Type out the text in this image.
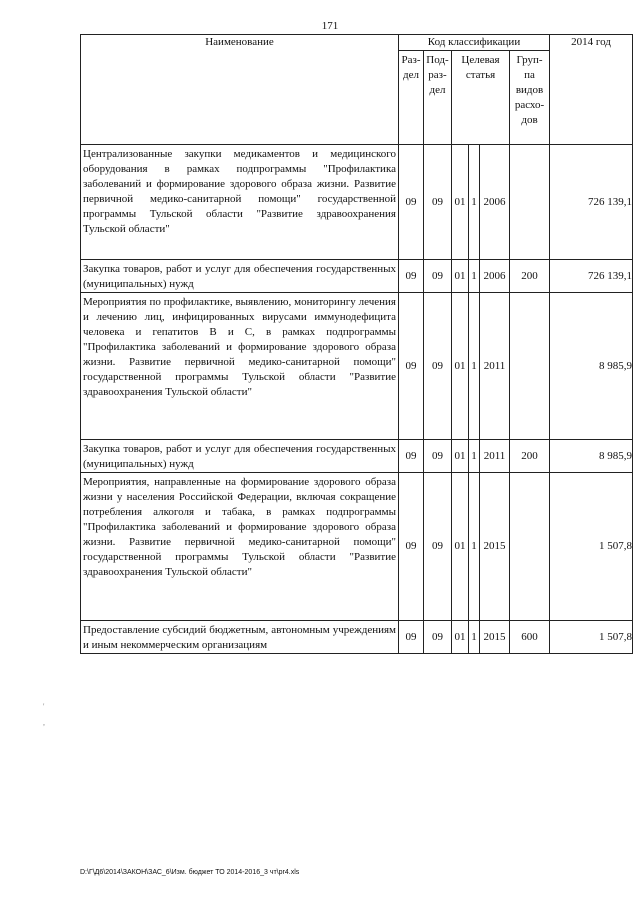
171
Наименование	Код классификации						2014 год
	Раз- дел	Под- раз- дел	Целевая статья			Груп- па видов расхо- дов	
Централизованные закупки медикаментов и медицинского оборудования в рамках подпрограммы "Профилактика заболеваний и формирование здорового образа жизни. Развитие первичной медико-санитарной помощи" государственной программы Тульской области "Развитие здравоохранения Тульской области"	09	09	01	1	2006		726 139,1
Закупка товаров, работ и услуг для обеспечения государственных (муниципальных) нужд	09	09	01	1	2006	200	726 139,1
Мероприятия по профилактике, выявлению, мониторингу лечения и лечению лиц, инфицированных вирусами иммунодефицита человека и гепатитов В и С, в рамках подпрограммы "Профилактика заболеваний и формирование здорового образа жизни. Развитие первичной медико-санитарной помощи" государственной программы Тульской области "Развитие здравоохранения Тульской области"	09	09	01	1	2011		8 985,9
Закупка товаров, работ и услуг для обеспечения государственных (муниципальных) нужд	09	09	01	1	2011	200	8 985,9
Мероприятия, направленные на формирование здорового образа жизни у населения Российской Федерации, включая сокращение потребления алкоголя и табака, в рамках подпрограммы "Профилактика заболеваний и формирование здорового образа жизни. Развитие первичной медико-санитарной помощи" государственной программы Тульской области "Развитие здравоохранения Тульской области"	09	09	01	1	2015		1 507,8
Предоставление субсидий бюджетным, автономным учреждениям и иным некоммерческим организациям	09	09	01	1	2015	600	1 507,8
'
,
D:\Г\Д6\2014\ЗАКОН\ЗАС_6\Изм. бюджет ТО 2014-2016_3 чт\pr4.xls
